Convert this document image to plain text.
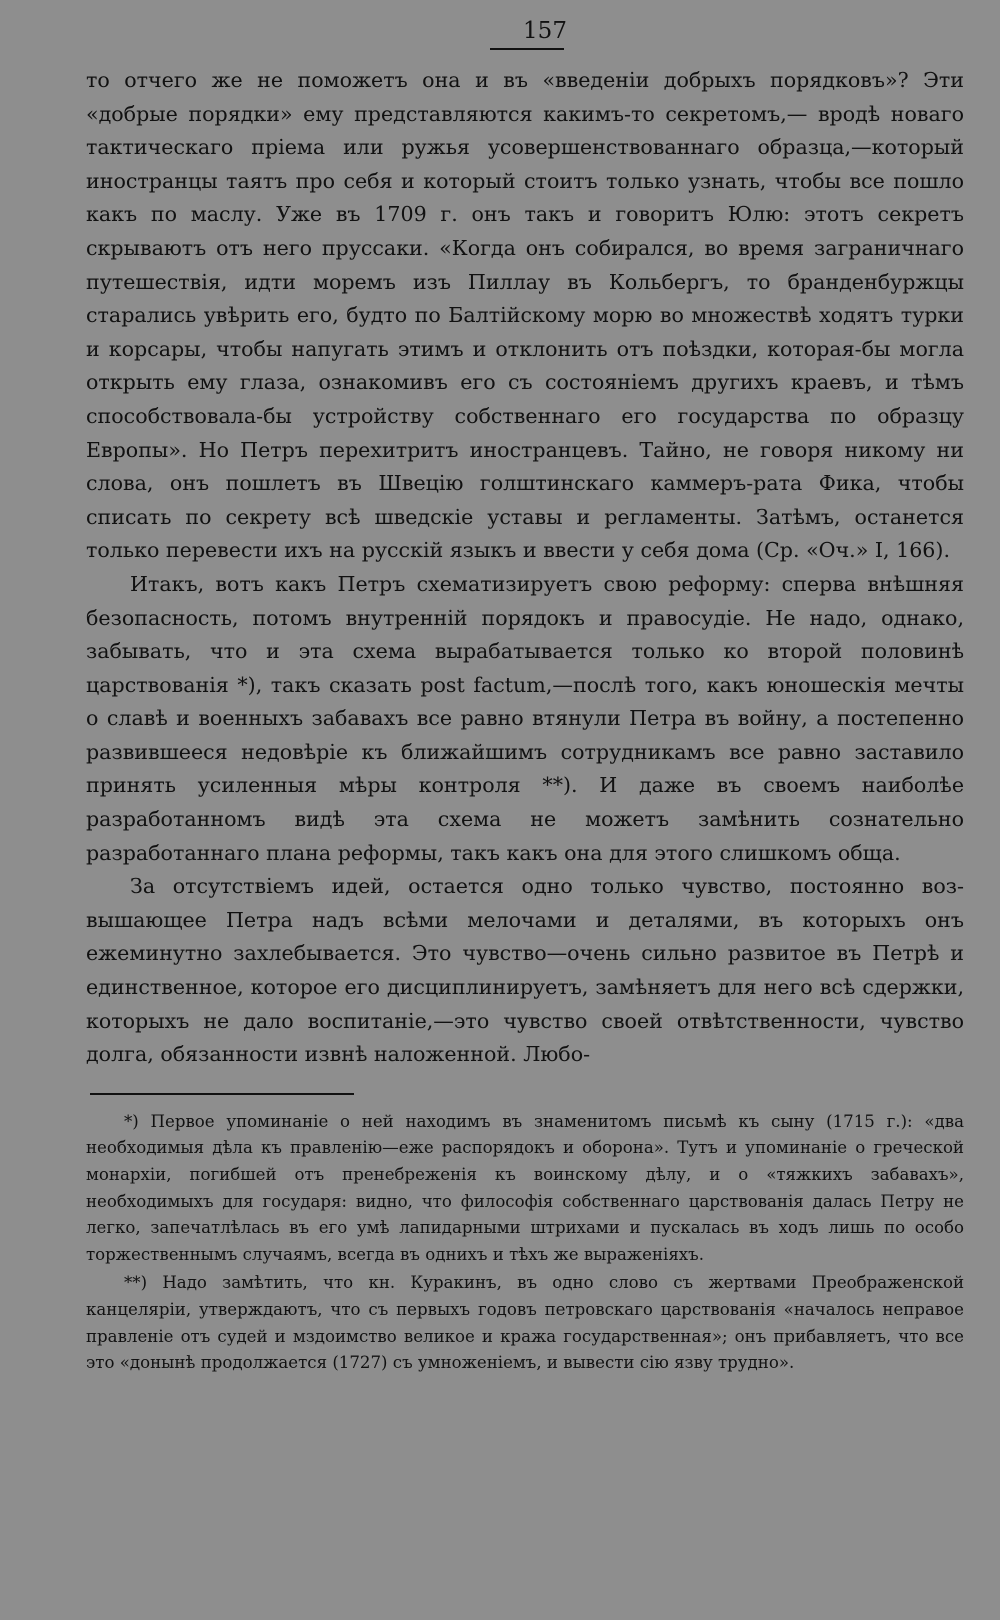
157

то отчего же не поможетъ она и въ «введеніи добрыхъ порядковъ»? Эти «добрые порядки» ему представляются какимъ-то секретомъ,— вродѣ новаго тактическаго пріема или ружья усовершенствованнаго образца,—который иностранцы таятъ про себя и который стоитъ только узнать, чтобы все пошло какъ по маслу. Уже въ 1709 г. онъ такъ и говоритъ Юлю: этотъ секретъ скрываютъ отъ него пруссаки. «Когда онъ собирался, во время заграничнаго путешествія, идти моремъ изъ Пиллау въ Кольбергъ, то бранденбуржцы старались увѣрить его, будто по Балтійскому морю во множествѣ ходятъ турки и корсары, чтобы напугать этимъ и отклонить отъ поѣздки, которая-бы могла открыть ему глаза, ознакомивъ его съ состояніемъ другихъ краевъ, и тѣмъ способствовала-бы устройству собственнаго его государства по образцу Европы». Но Петръ перехитритъ иностранцевъ. Тайно, не говоря никому ни слова, онъ пошлетъ въ Швецію голштинскаго каммеръ-рата Фика, чтобы списать по секрету всѣ шведскіе уставы и регламенты. Затѣмъ, останется только перевести ихъ на русскій языкъ и ввести у себя дома (Ср. «Оч.» I, 166).

Итакъ, вотъ какъ Петръ схематизируетъ свою реформу: сперва внѣшняя безопасность, потомъ внутренній порядокъ и правосудіе. Не надо, однако, забывать, что и эта схема вырабатывается только ко второй половинѣ царствованія *), такъ сказать post factum,—послѣ того, какъ юношескія мечты о славѣ и военныхъ забавахъ все равно втянули Петра въ войну, а постепенно развившееся недовѣріе къ ближайшимъ сотрудникамъ все равно заставило принять усиленныя мѣры контроля **). И даже въ своемъ наиболѣе разработанномъ видѣ эта схема не можетъ замѣнить сознательно разработаннаго плана реформы, такъ какъ она для этого слишкомъ обща.

За отсутствіемъ идей, остается одно только чувство, постоянно возвышающее Петра надъ всѣми мелочами и деталями, въ которыхъ онъ ежеминутно захлебывается. Это чувство—очень сильно развитое въ Петрѣ и единственное, которое его дисциплинируетъ, замѣняетъ для него всѣ сдержки, которыхъ не дало воспитаніе,—это чувство своей отвѣтственности, чувство долга, обязанности извнѣ наложенной. Любо-

*) Первое упоминаніе о ней находимъ въ знаменитомъ письмѣ къ сыну (1715 г.): «два необходимыя дѣла къ правленію—еже распорядокъ и оборона». Тутъ и упоминаніе о греческой монархіи, погибшей отъ пренебреженія къ воинскому дѣлу, и о «тяжкихъ забавахъ», необходимыхъ для государя: видно, что философія собственнаго царствованія далась Петру не легко, запечатлѣлась въ его умѣ лапидарными штрихами и пускалась въ ходъ лишь по особо торжественнымъ случаямъ, всегда въ однихъ и тѣхъ же выраженіяхъ.

**) Надо замѣтить, что кн. Куракинъ, въ одно слово съ жертвами Преображенской канцеляріи, утверждаютъ, что съ первыхъ годовъ петровскаго царствованія «началось неправое правленіе отъ судей и мздоимство великое и кража государственная»; онъ прибавляетъ, что все это «донынѣ продолжается (1727) съ умноженіемъ, и вывести сію язву трудно».
